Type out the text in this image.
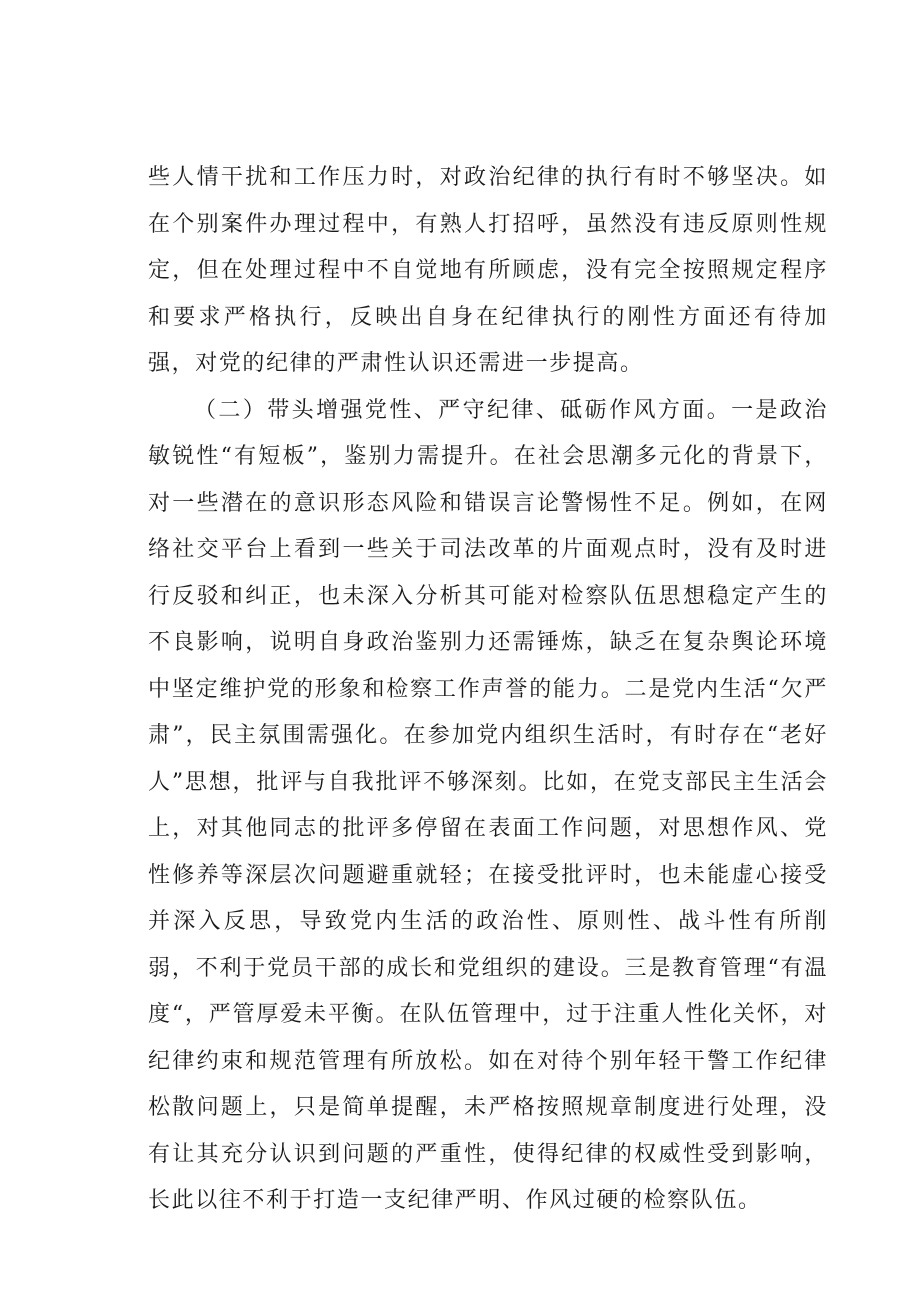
些人情干扰和工作压力时，对政治纪律的执行有时不够坚决。如在个别案件办理过程中，有熟人打招呼，虽然没有违反原则性规定，但在处理过程中不自觉地有所顾虑，没有完全按照规定程序和要求严格执行，反映出自身在纪律执行的刚性方面还有待加强，对党的纪律的严肃性认识还需进一步提高。

（二）带头增强党性、严守纪律、砥砺作风方面。一是政治敏锐性“有短板”，鉴别力需提升。在社会思潮多元化的背景下，对一些潜在的意识形态风险和错误言论警惕性不足。例如，在网络社交平台上看到一些关于司法改革的片面观点时，没有及时进行反驳和纠正，也未深入分析其可能对检察队伍思想稳定产生的不良影响，说明自身政治鉴别力还需锤炼，缺乏在复杂舆论环境中坚定维护党的形象和检察工作声誉的能力。二是党内生活“欠严肃”，民主氛围需强化。在参加党内组织生活时，有时存在“老好人”思想，批评与自我批评不够深刻。比如，在党支部民主生活会上，对其他同志的批评多停留在表面工作问题，对思想作风、党性修养等深层次问题避重就轻；在接受批评时，也未能虚心接受并深入反思，导致党内生活的政治性、原则性、战斗性有所削弱，不利于党员干部的成长和党组织的建设。三是教育管理“有温度“，严管厚爱未平衡。在队伍管理中，过于注重人性化关怀，对纪律约束和规范管理有所放松。如在对待个别年轻干警工作纪律松散问题上，只是简单提醒，未严格按照规章制度进行处理，没有让其充分认识到问题的严重性，使得纪律的权威性受到影响，长此以往不利于打造一支纪律严明、作风过硬的检察队伍。
